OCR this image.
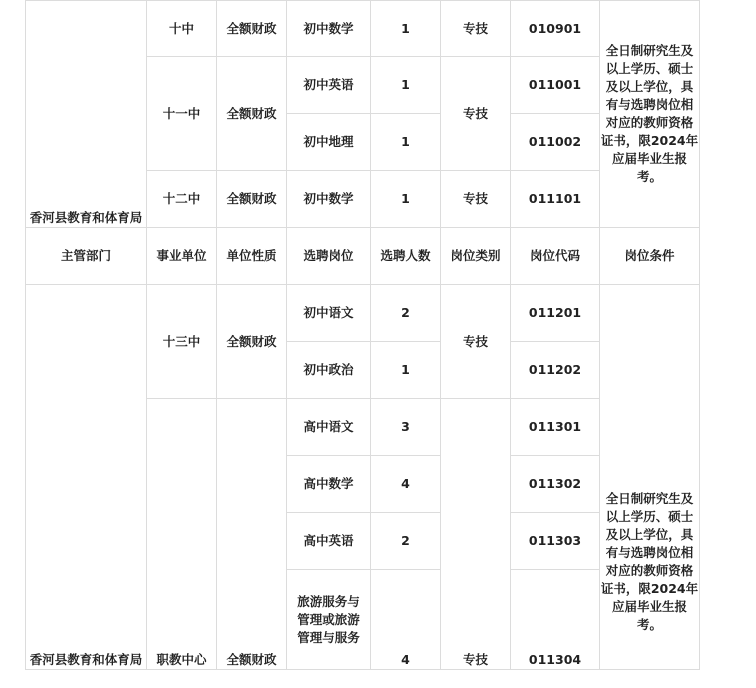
香河县教育和体育局	十中	全额财政	初中数学	1	专技	010901	全日制研究生及以上学历、硕士及以上学位，具有与选聘岗位相对应的教师资格证书，限2024年应届毕业生报考。
	十一中	全额财政	初中英语	1	专技	011001	
			初中地理	1		011002	
	十二中	全额财政	初中数学	1	专技	011101	
主管部门	事业单位	单位性质	选聘岗位	选聘人数	岗位类别	岗位代码	岗位条件
香河县教育和体育局	十三中	全额财政	初中语文	2	专技	011201	全日制研究生及以上学历、硕士及以上学位，具有与选聘岗位相对应的教师资格证书，限2024年应届毕业生报考。
			初中政治	1		011202	
	职教中心	全额财政	高中语文	3	专技	011301	
			高中数学	4		011302	
			高中英语	2		011303	
			旅游服务与管理或旅游管理与服务	4		011304	
